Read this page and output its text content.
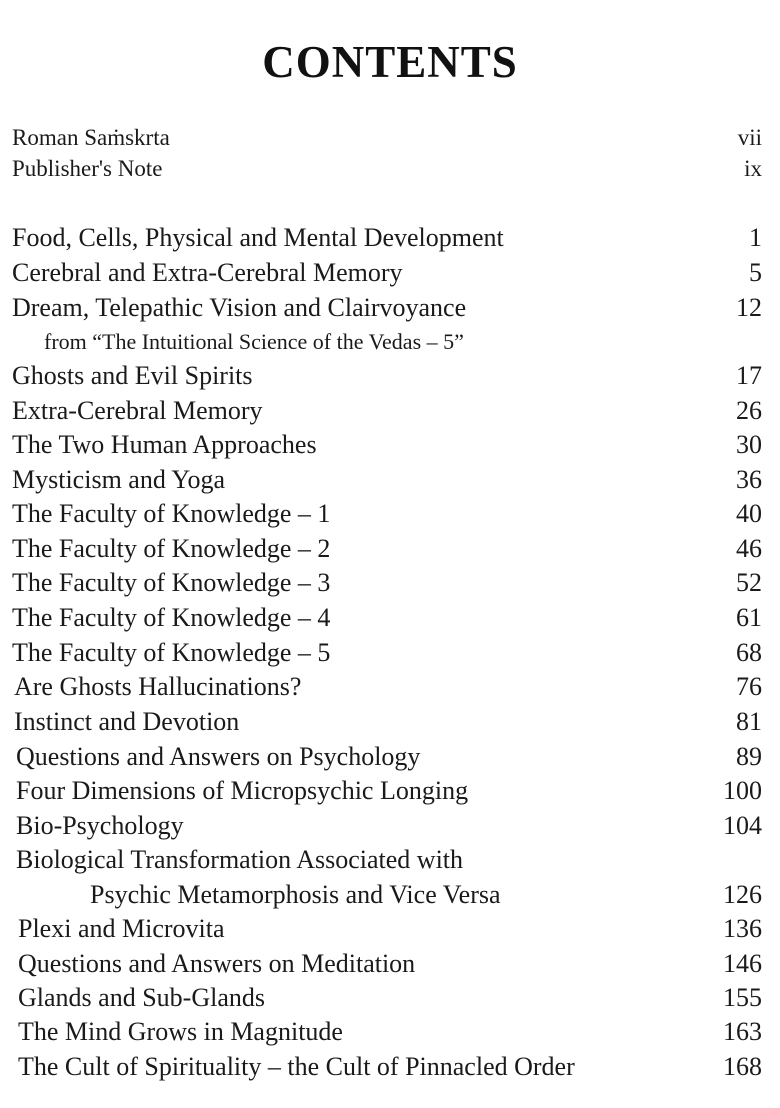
CONTENTS
Roman Saṁskrta	vii
Publisher's Note	ix
Food, Cells, Physical and Mental Development	1
Cerebral and Extra-Cerebral Memory	5
Dream, Telepathic Vision and Clairvoyance	12
from “The Intuitional Science of the Vedas – 5”
Ghosts and Evil Spirits	17
Extra-Cerebral Memory	26
The Two Human Approaches	30
Mysticism and Yoga	36
The Faculty of Knowledge – 1	40
The Faculty of Knowledge – 2	46
The Faculty of Knowledge – 3	52
The Faculty of Knowledge – 4	61
The Faculty of Knowledge – 5	68
Are Ghosts Hallucinations?	76
Instinct and Devotion	81
Questions and Answers on Psychology	89
Four Dimensions of Micropsychic Longing	100
Bio-Psychology	104
Biological Transformation Associated with
Psychic Metamorphosis and Vice Versa	126
Plexi and Microvita	136
Questions and Answers on Meditation	146
Glands and Sub-Glands	155
The Mind Grows in Magnitude	163
The Cult of Spirituality – the Cult of Pinnacled Order	168
